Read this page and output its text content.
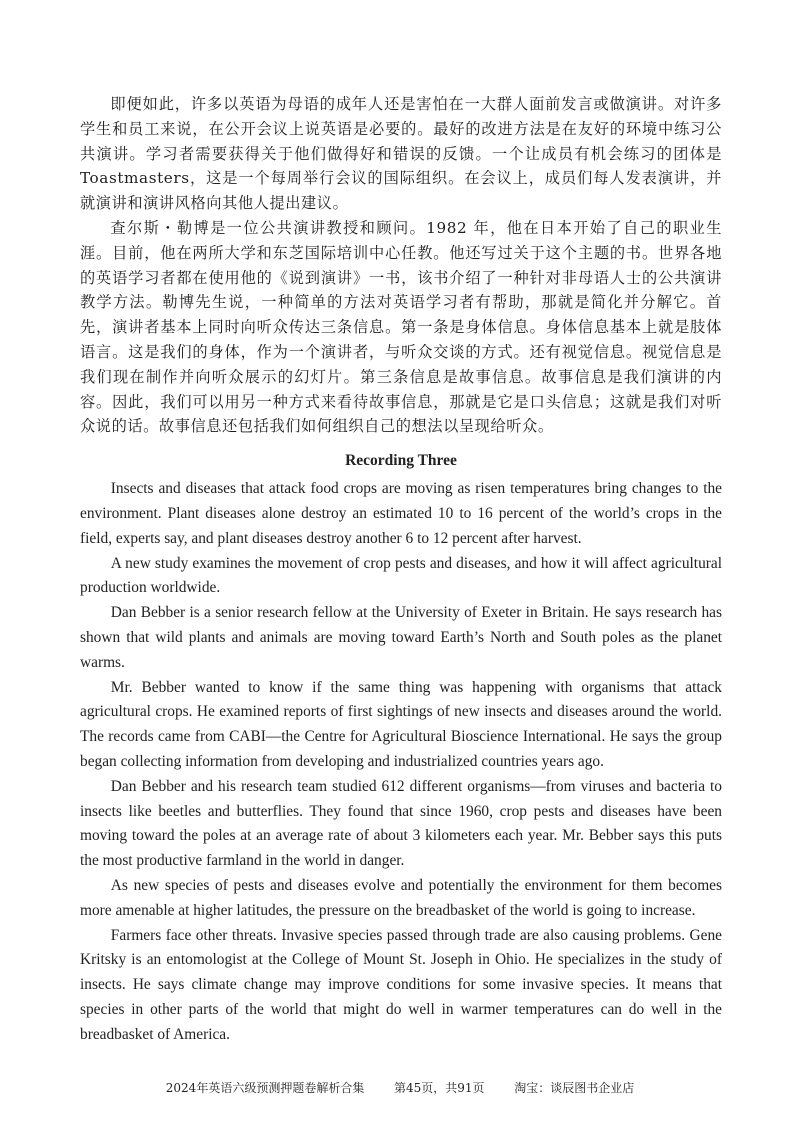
即便如此，许多以英语为母语的成年人还是害怕在一大群人面前发言或做演讲。对许多学生和员工来说，在公开会议上说英语是必要的。最好的改进方法是在友好的环境中练习公共演讲。学习者需要获得关于他们做得好和错误的反馈。一个让成员有机会练习的团体是 Toastmasters，这是一个每周举行会议的国际组织。在会议上，成员们每人发表演讲，并就演讲和演讲风格向其他人提出建议。

查尔斯・勒博是一位公共演讲教授和顾问。1982 年，他在日本开始了自己的职业生涯。目前，他在两所大学和东芝国际培训中心任教。他还写过关于这个主题的书。世界各地的英语学习者都在使用他的《说到演讲》一书，该书介绍了一种针对非母语人士的公共演讲教学方法。勒博先生说，一种简单的方法对英语学习者有帮助，那就是简化并分解它。首先，演讲者基本上同时向听众传达三条信息。第一条是身体信息。身体信息基本上就是肢体语言。这是我们的身体，作为一个演讲者，与听众交谈的方式。还有视觉信息。视觉信息是我们现在制作并向听众展示的幻灯片。第三条信息是故事信息。故事信息是我们演讲的内容。因此，我们可以用另一种方式来看待故事信息，那就是它是口头信息；这就是我们对听众说的话。故事信息还包括我们如何组织自己的想法以呈现给听众。

Recording Three

Insects and diseases that attack food crops are moving as risen temperatures bring changes to the environment. Plant diseases alone destroy an estimated 10 to 16 percent of the world’s crops in the field, experts say, and plant diseases destroy another 6 to 12 percent after harvest.

A new study examines the movement of crop pests and diseases, and how it will affect agricultural production worldwide.

Dan Bebber is a senior research fellow at the University of Exeter in Britain. He says research has shown that wild plants and animals are moving toward Earth’s North and South poles as the planet warms.

Mr. Bebber wanted to know if the same thing was happening with organisms that attack agricultural crops. He examined reports of first sightings of new insects and diseases around the world. The records came from CABI—the Centre for Agricultural Bioscience International. He says the group began collecting information from developing and industrialized countries years ago.

Dan Bebber and his research team studied 612 different organisms—from viruses and bacteria to insects like beetles and butterflies. They found that since 1960, crop pests and diseases have been moving toward the poles at an average rate of about 3 kilometers each year. Mr. Bebber says this puts the most productive farmland in the world in danger.

As new species of pests and diseases evolve and potentially the environment for them becomes more amenable at higher latitudes, the pressure on the breadbasket of the world is going to increase.

Farmers face other threats. Invasive species passed through trade are also causing problems. Gene Kritsky is an entomologist at the College of Mount St. Joseph in Ohio. He specializes in the study of insects. He says climate change may improve conditions for some invasive species. It means that species in other parts of the world that might do well in warmer temperatures can do well in the breadbasket of America.

2024年英语六级预测押题卷解析合集 第45页，共91页 淘宝：谈辰图书企业店
